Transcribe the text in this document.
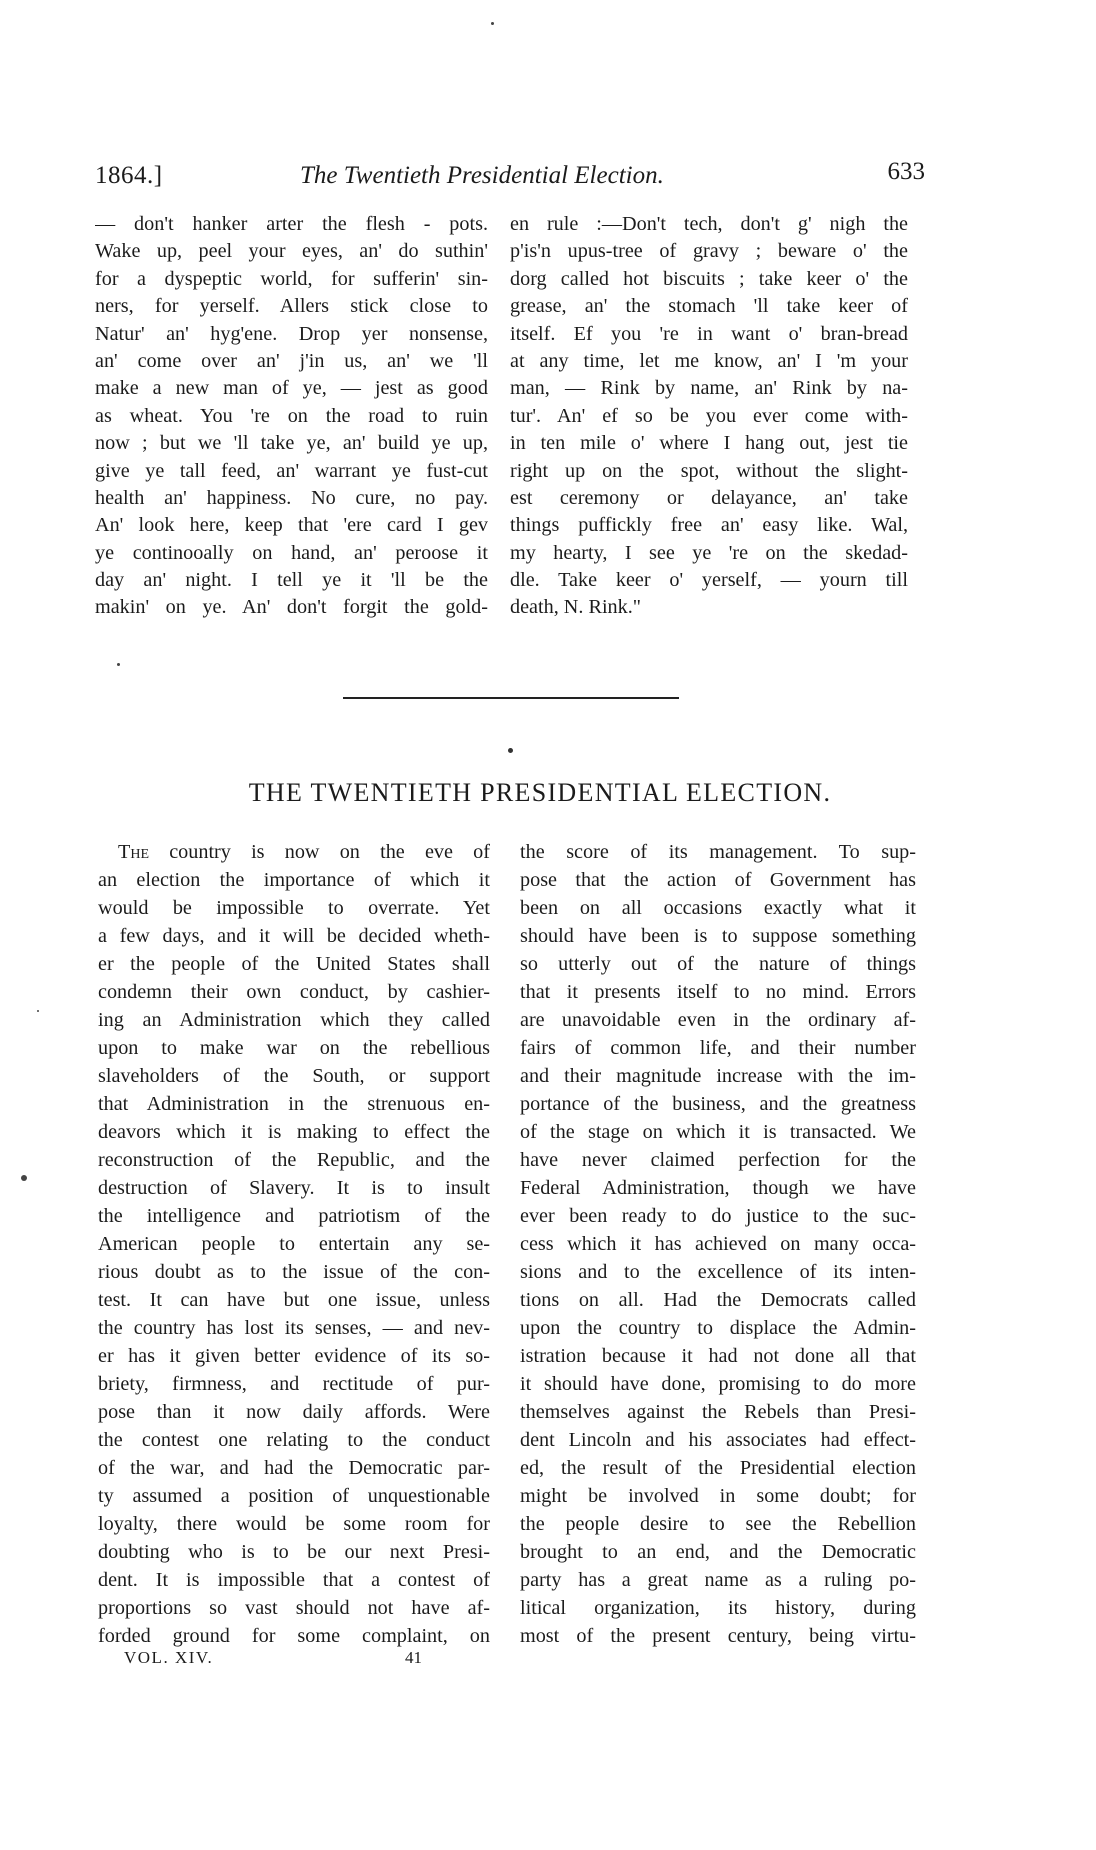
1864.]	The Twentieth Presidential Election.	633
— don't hanker arter the flesh - pots.
Wake up, peel your eyes, an' do suthin'
for a dyspeptic world, for sufferin' sin-
ners, for yerself. Allers stick close to
Natur' an' hyg'ene. Drop yer nonsense,
an' come over an' j'in us, an' we 'll
make a new man of ye, — jest as good
as wheat. You 're on the road to ruin
now ; but we 'll take ye, an' build ye up,
give ye tall feed, an' warrant ye fust-cut
health an' happiness. No cure, no pay.
An' look here, keep that 'ere card I gev
ye continooally on hand, an' peroose it
day an' night. I tell ye it 'll be the
makin' on ye. An' don't forgit the gold-
en rule :—Don't tech, don't g' nigh the
p'is'n upus-tree of gravy ; beware o' the
dorg called hot biscuits ; take keer o' the
grease, an' the stomach 'll take keer of
itself. Ef you 're in want o' bran-bread
at any time, let me know, an' I 'm your
man, — Rink by name, an' Rink by na-
tur'. An' ef so be you ever come with-
in ten mile o' where I hang out, jest tie
right up on the spot, without the slight-
est ceremony or delayance, an' take
things puffickly free an' easy like. Wal,
my hearty, I see ye 're on the skedad-
dle. Take keer o' yerself, — yourn till
death, N. Rink."
THE TWENTIETH PRESIDENTIAL ELECTION.
The country is now on the eve of
an election the importance of which it
would be impossible to overrate. Yet
a few days, and it will be decided wheth-
er the people of the United States shall
condemn their own conduct, by cashier-
ing an Administration which they called
upon to make war on the rebellious
slaveholders of the South, or support
that Administration in the strenuous en-
deavors which it is making to effect the
reconstruction of the Republic, and the
destruction of Slavery. It is to insult
the intelligence and patriotism of the
American people to entertain any se-
rious doubt as to the issue of the con-
test. It can have but one issue, unless
the country has lost its senses, — and nev-
er has it given better evidence of its so-
briety, firmness, and rectitude of pur-
pose than it now daily affords. Were
the contest one relating to the conduct
of the war, and had the Democratic par-
ty assumed a position of unquestionable
loyalty, there would be some room for
doubting who is to be our next Presi-
dent. It is impossible that a contest of
proportions so vast should not have af-
forded ground for some complaint, on
the score of its management. To sup-
pose that the action of Government has
been on all occasions exactly what it
should have been is to suppose something
so utterly out of the nature of things
that it presents itself to no mind. Errors
are unavoidable even in the ordinary af-
fairs of common life, and their number
and their magnitude increase with the im-
portance of the business, and the greatness
of the stage on which it is transacted. We
have never claimed perfection for the
Federal Administration, though we have
ever been ready to do justice to the suc-
cess which it has achieved on many occa-
sions and to the excellence of its inten-
tions on all. Had the Democrats called
upon the country to displace the Admin-
istration because it had not done all that
it should have done, promising to do more
themselves against the Rebels than Presi-
dent Lincoln and his associates had effect-
ed, the result of the Presidential election
might be involved in some doubt; for
the people desire to see the Rebellion
brought to an end, and the Democratic
party has a great name as a ruling po-
litical organization, its history, during
most of the present century, being virtu-
VOL. XIV.	41
